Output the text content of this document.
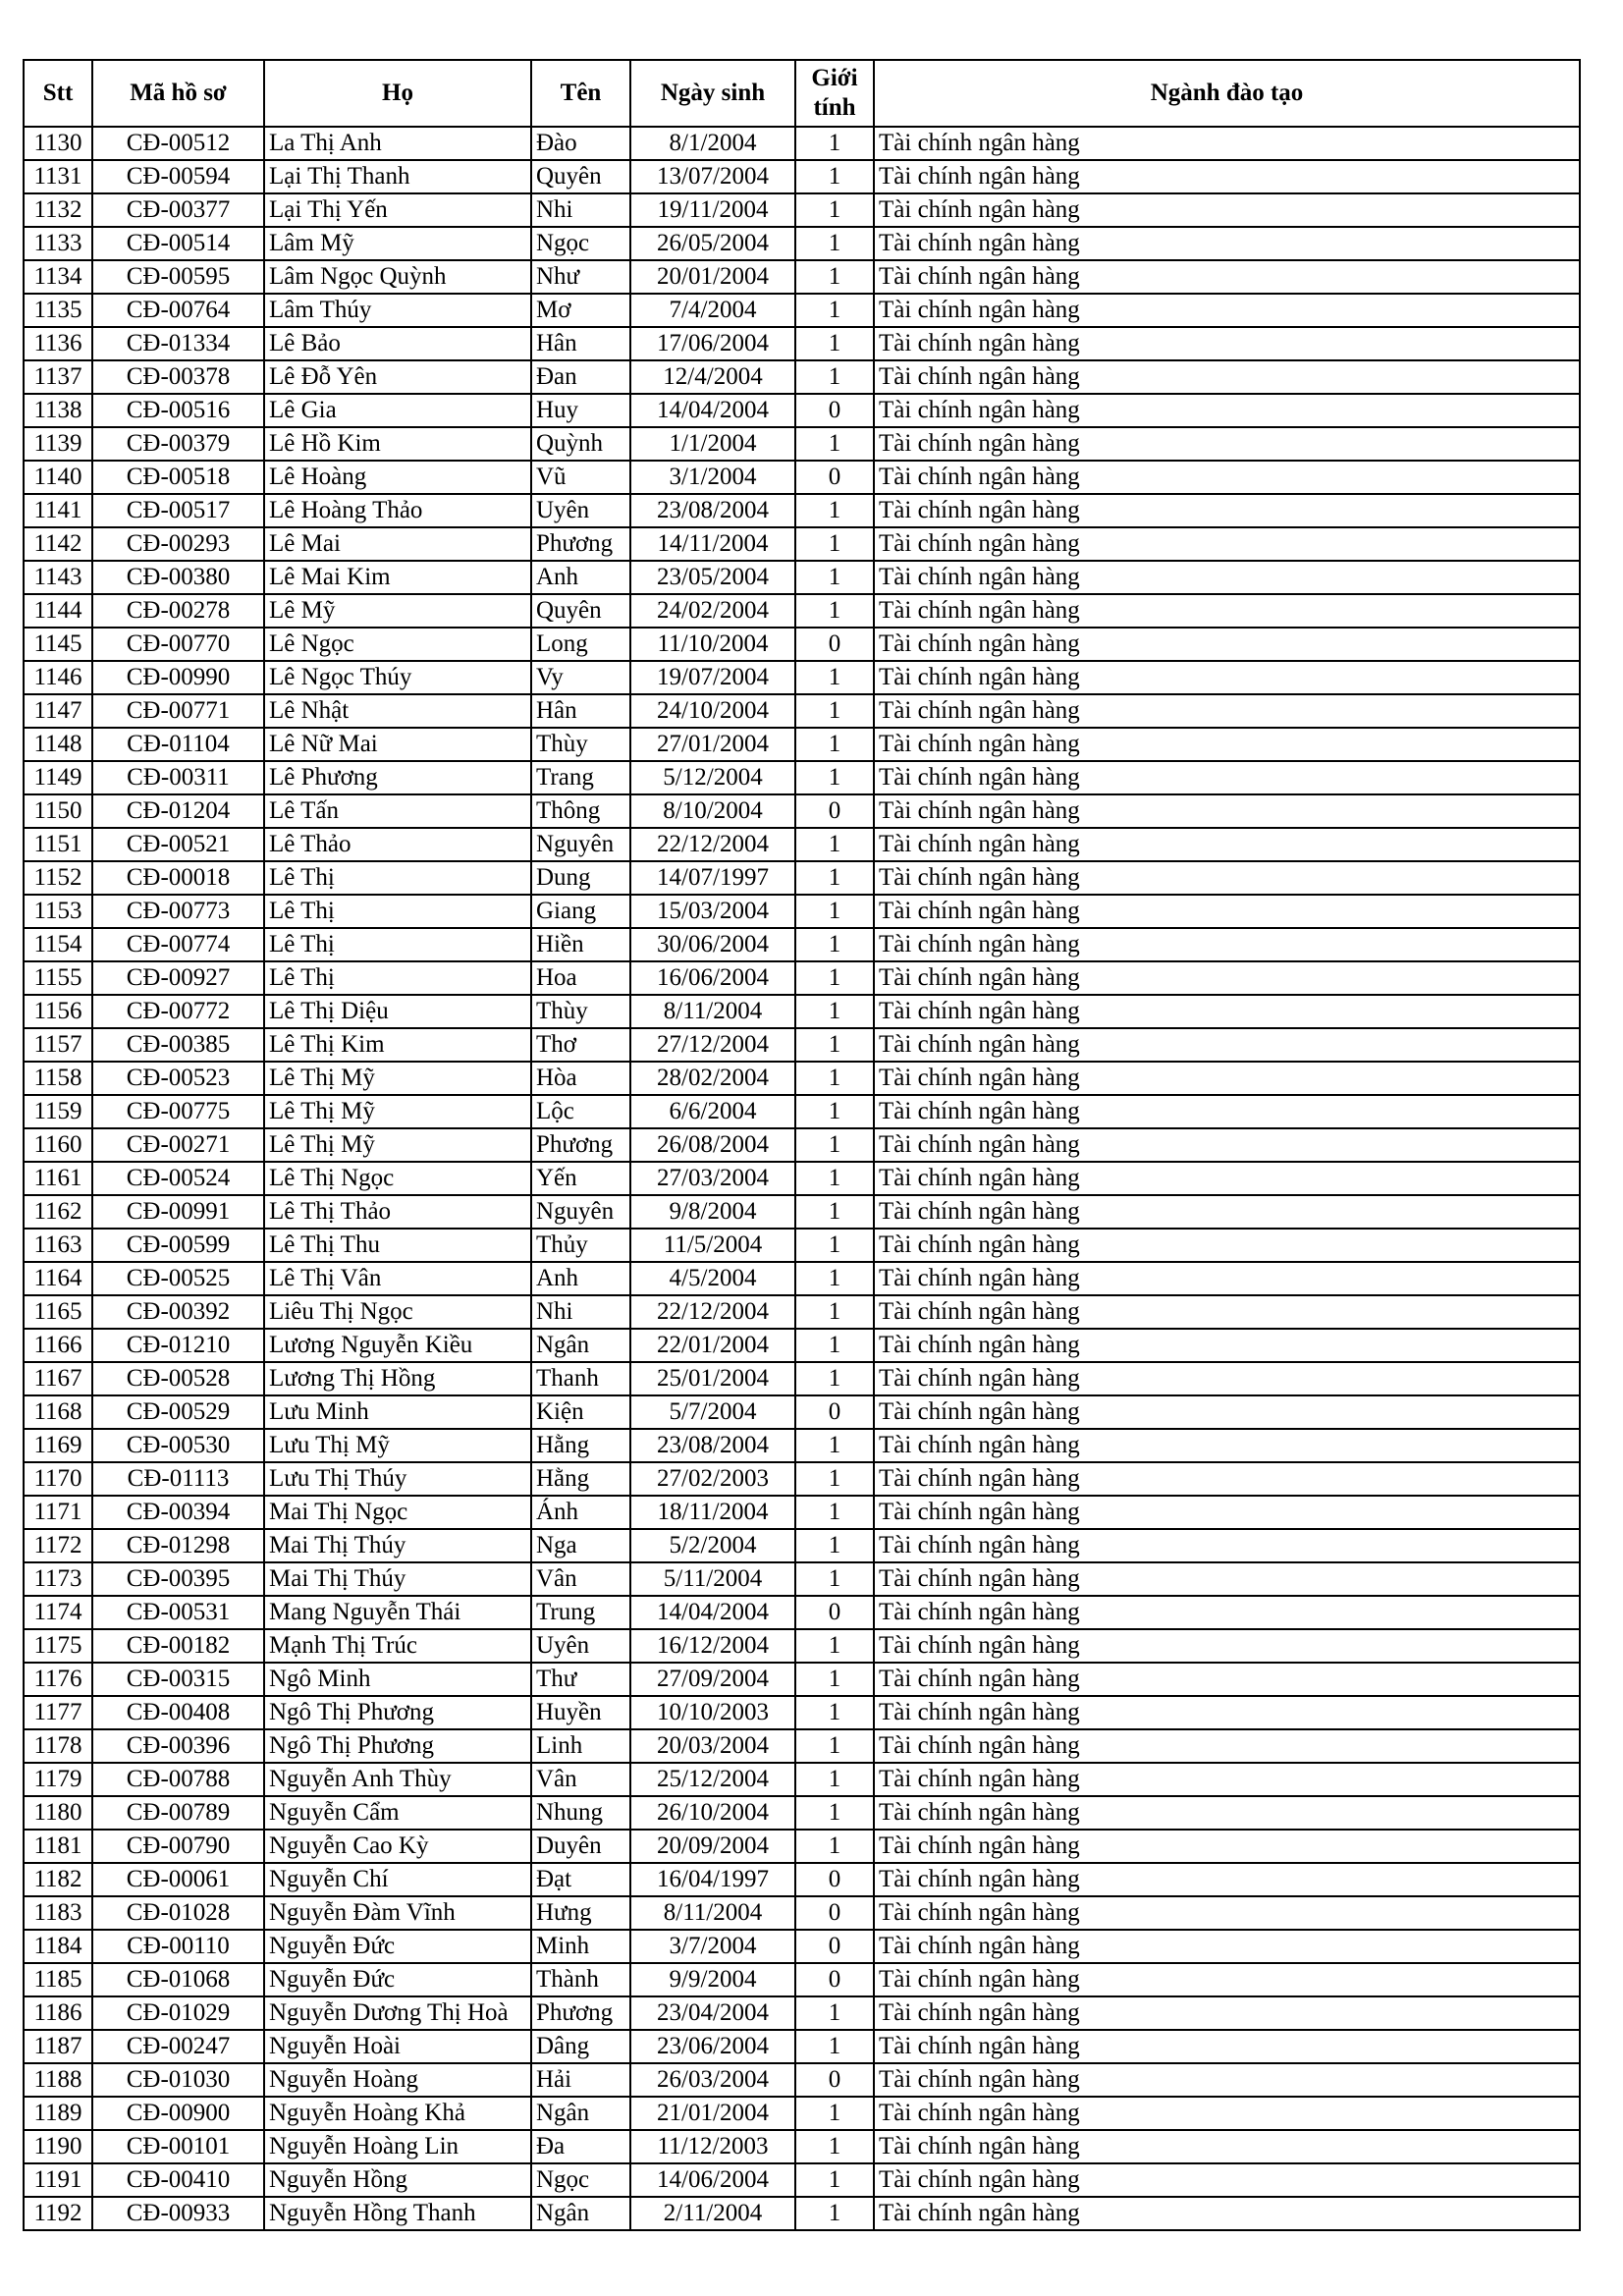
Stt	Mã hồ sơ	Họ	Tên	Ngày sinh	Giới tính	Ngành đào tạo
1130	CĐ-00512	La Thị Anh	Đào	8/1/2004	1	Tài chính ngân hàng
1131	CĐ-00594	Lại Thị Thanh	Quyên	13/07/2004	1	Tài chính ngân hàng
1132	CĐ-00377	Lại Thị Yến	Nhi	19/11/2004	1	Tài chính ngân hàng
1133	CĐ-00514	Lâm Mỹ	Ngọc	26/05/2004	1	Tài chính ngân hàng
1134	CĐ-00595	Lâm Ngọc Quỳnh	Như	20/01/2004	1	Tài chính ngân hàng
1135	CĐ-00764	Lâm Thúy	Mơ	7/4/2004	1	Tài chính ngân hàng
1136	CĐ-01334	Lê Bảo	Hân	17/06/2004	1	Tài chính ngân hàng
1137	CĐ-00378	Lê Đỗ Yên	Đan	12/4/2004	1	Tài chính ngân hàng
1138	CĐ-00516	Lê Gia	Huy	14/04/2004	0	Tài chính ngân hàng
1139	CĐ-00379	Lê Hồ Kim	Quỳnh	1/1/2004	1	Tài chính ngân hàng
1140	CĐ-00518	Lê Hoàng	Vũ	3/1/2004	0	Tài chính ngân hàng
1141	CĐ-00517	Lê Hoàng Thảo	Uyên	23/08/2004	1	Tài chính ngân hàng
1142	CĐ-00293	Lê Mai	Phương	14/11/2004	1	Tài chính ngân hàng
1143	CĐ-00380	Lê Mai Kim	Anh	23/05/2004	1	Tài chính ngân hàng
1144	CĐ-00278	Lê Mỹ	Quyên	24/02/2004	1	Tài chính ngân hàng
1145	CĐ-00770	Lê Ngọc	Long	11/10/2004	0	Tài chính ngân hàng
1146	CĐ-00990	Lê Ngọc Thúy	Vy	19/07/2004	1	Tài chính ngân hàng
1147	CĐ-00771	Lê Nhật	Hân	24/10/2004	1	Tài chính ngân hàng
1148	CĐ-01104	Lê Nữ Mai	Thùy	27/01/2004	1	Tài chính ngân hàng
1149	CĐ-00311	Lê Phương	Trang	5/12/2004	1	Tài chính ngân hàng
1150	CĐ-01204	Lê Tấn	Thông	8/10/2004	0	Tài chính ngân hàng
1151	CĐ-00521	Lê Thảo	Nguyên	22/12/2004	1	Tài chính ngân hàng
1152	CĐ-00018	Lê Thị	Dung	14/07/1997	1	Tài chính ngân hàng
1153	CĐ-00773	Lê Thị	Giang	15/03/2004	1	Tài chính ngân hàng
1154	CĐ-00774	Lê Thị	Hiền	30/06/2004	1	Tài chính ngân hàng
1155	CĐ-00927	Lê Thị	Hoa	16/06/2004	1	Tài chính ngân hàng
1156	CĐ-00772	Lê Thị Diệu	Thùy	8/11/2004	1	Tài chính ngân hàng
1157	CĐ-00385	Lê Thị Kim	Thơ	27/12/2004	1	Tài chính ngân hàng
1158	CĐ-00523	Lê Thị Mỹ	Hòa	28/02/2004	1	Tài chính ngân hàng
1159	CĐ-00775	Lê Thị Mỹ	Lộc	6/6/2004	1	Tài chính ngân hàng
1160	CĐ-00271	Lê Thị Mỹ	Phương	26/08/2004	1	Tài chính ngân hàng
1161	CĐ-00524	Lê Thị Ngọc	Yến	27/03/2004	1	Tài chính ngân hàng
1162	CĐ-00991	Lê Thị Thảo	Nguyên	9/8/2004	1	Tài chính ngân hàng
1163	CĐ-00599	Lê Thị Thu	Thủy	11/5/2004	1	Tài chính ngân hàng
1164	CĐ-00525	Lê Thị Vân	Anh	4/5/2004	1	Tài chính ngân hàng
1165	CĐ-00392	Liêu Thị Ngọc	Nhi	22/12/2004	1	Tài chính ngân hàng
1166	CĐ-01210	Lương Nguyễn Kiều	Ngân	22/01/2004	1	Tài chính ngân hàng
1167	CĐ-00528	Lương Thị Hồng	Thanh	25/01/2004	1	Tài chính ngân hàng
1168	CĐ-00529	Lưu Minh	Kiện	5/7/2004	0	Tài chính ngân hàng
1169	CĐ-00530	Lưu Thị Mỹ	Hằng	23/08/2004	1	Tài chính ngân hàng
1170	CĐ-01113	Lưu Thị Thúy	Hằng	27/02/2003	1	Tài chính ngân hàng
1171	CĐ-00394	Mai Thị Ngọc	Ánh	18/11/2004	1	Tài chính ngân hàng
1172	CĐ-01298	Mai Thị Thúy	Nga	5/2/2004	1	Tài chính ngân hàng
1173	CĐ-00395	Mai Thị Thúy	Vân	5/11/2004	1	Tài chính ngân hàng
1174	CĐ-00531	Mang Nguyễn Thái	Trung	14/04/2004	0	Tài chính ngân hàng
1175	CĐ-00182	Mạnh Thị Trúc	Uyên	16/12/2004	1	Tài chính ngân hàng
1176	CĐ-00315	Ngô Minh	Thư	27/09/2004	1	Tài chính ngân hàng
1177	CĐ-00408	Ngô Thị Phương	Huyền	10/10/2003	1	Tài chính ngân hàng
1178	CĐ-00396	Ngô Thị Phương	Linh	20/03/2004	1	Tài chính ngân hàng
1179	CĐ-00788	Nguyễn Anh Thùy	Vân	25/12/2004	1	Tài chính ngân hàng
1180	CĐ-00789	Nguyễn Cẩm	Nhung	26/10/2004	1	Tài chính ngân hàng
1181	CĐ-00790	Nguyễn Cao Kỳ	Duyên	20/09/2004	1	Tài chính ngân hàng
1182	CĐ-00061	Nguyễn Chí	Đạt	16/04/1997	0	Tài chính ngân hàng
1183	CĐ-01028	Nguyễn Đàm Vĩnh	Hưng	8/11/2004	0	Tài chính ngân hàng
1184	CĐ-00110	Nguyễn Đức	Minh	3/7/2004	0	Tài chính ngân hàng
1185	CĐ-01068	Nguyễn Đức	Thành	9/9/2004	0	Tài chính ngân hàng
1186	CĐ-01029	Nguyễn Dương Thị Hoà	Phương	23/04/2004	1	Tài chính ngân hàng
1187	CĐ-00247	Nguyễn Hoài	Dâng	23/06/2004	1	Tài chính ngân hàng
1188	CĐ-01030	Nguyễn Hoàng	Hải	26/03/2004	0	Tài chính ngân hàng
1189	CĐ-00900	Nguyễn Hoàng Khả	Ngân	21/01/2004	1	Tài chính ngân hàng
1190	CĐ-00101	Nguyễn Hoàng Lin	Đa	11/12/2003	1	Tài chính ngân hàng
1191	CĐ-00410	Nguyễn Hồng	Ngọc	14/06/2004	1	Tài chính ngân hàng
1192	CĐ-00933	Nguyễn Hồng Thanh	Ngân	2/11/2004	1	Tài chính ngân hàng
